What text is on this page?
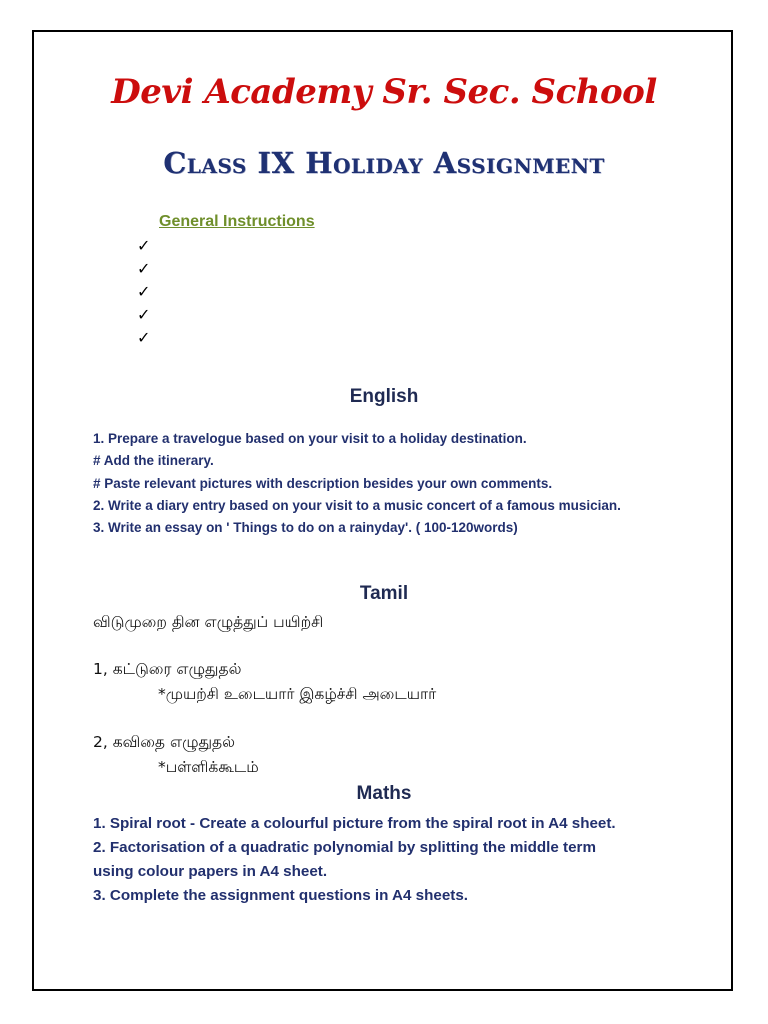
Devi Academy Sr. Sec. School
Class IX Holiday Assignment
General Instructions
✓
✓
✓
✓
✓
English
1. Prepare a travelogue based on your visit to a holiday destination.
# Add the itinerary.
# Paste relevant pictures with description besides your own comments.
2. Write a diary entry based on your visit to a music concert of a famous musician.
3. Write an essay on ' Things to do on a rainyday'. ( 100-120words)
Tamil
விடுமுறை தின எழுத்துப் பயிற்சி
1, கட்டுரை எழுதுதல்
*முயற்சி உடையார் இகழ்ச்சி அடையார்
2, கவிதை எழுதுதல்
*பள்ளிக்கூடம்
Maths
1. Spiral root - Create a colourful picture from the spiral root in A4 sheet.
2. Factorisation of a quadratic polynomial by splitting the middle term
using colour papers in A4 sheet.
3. Complete the assignment questions in A4 sheets.
